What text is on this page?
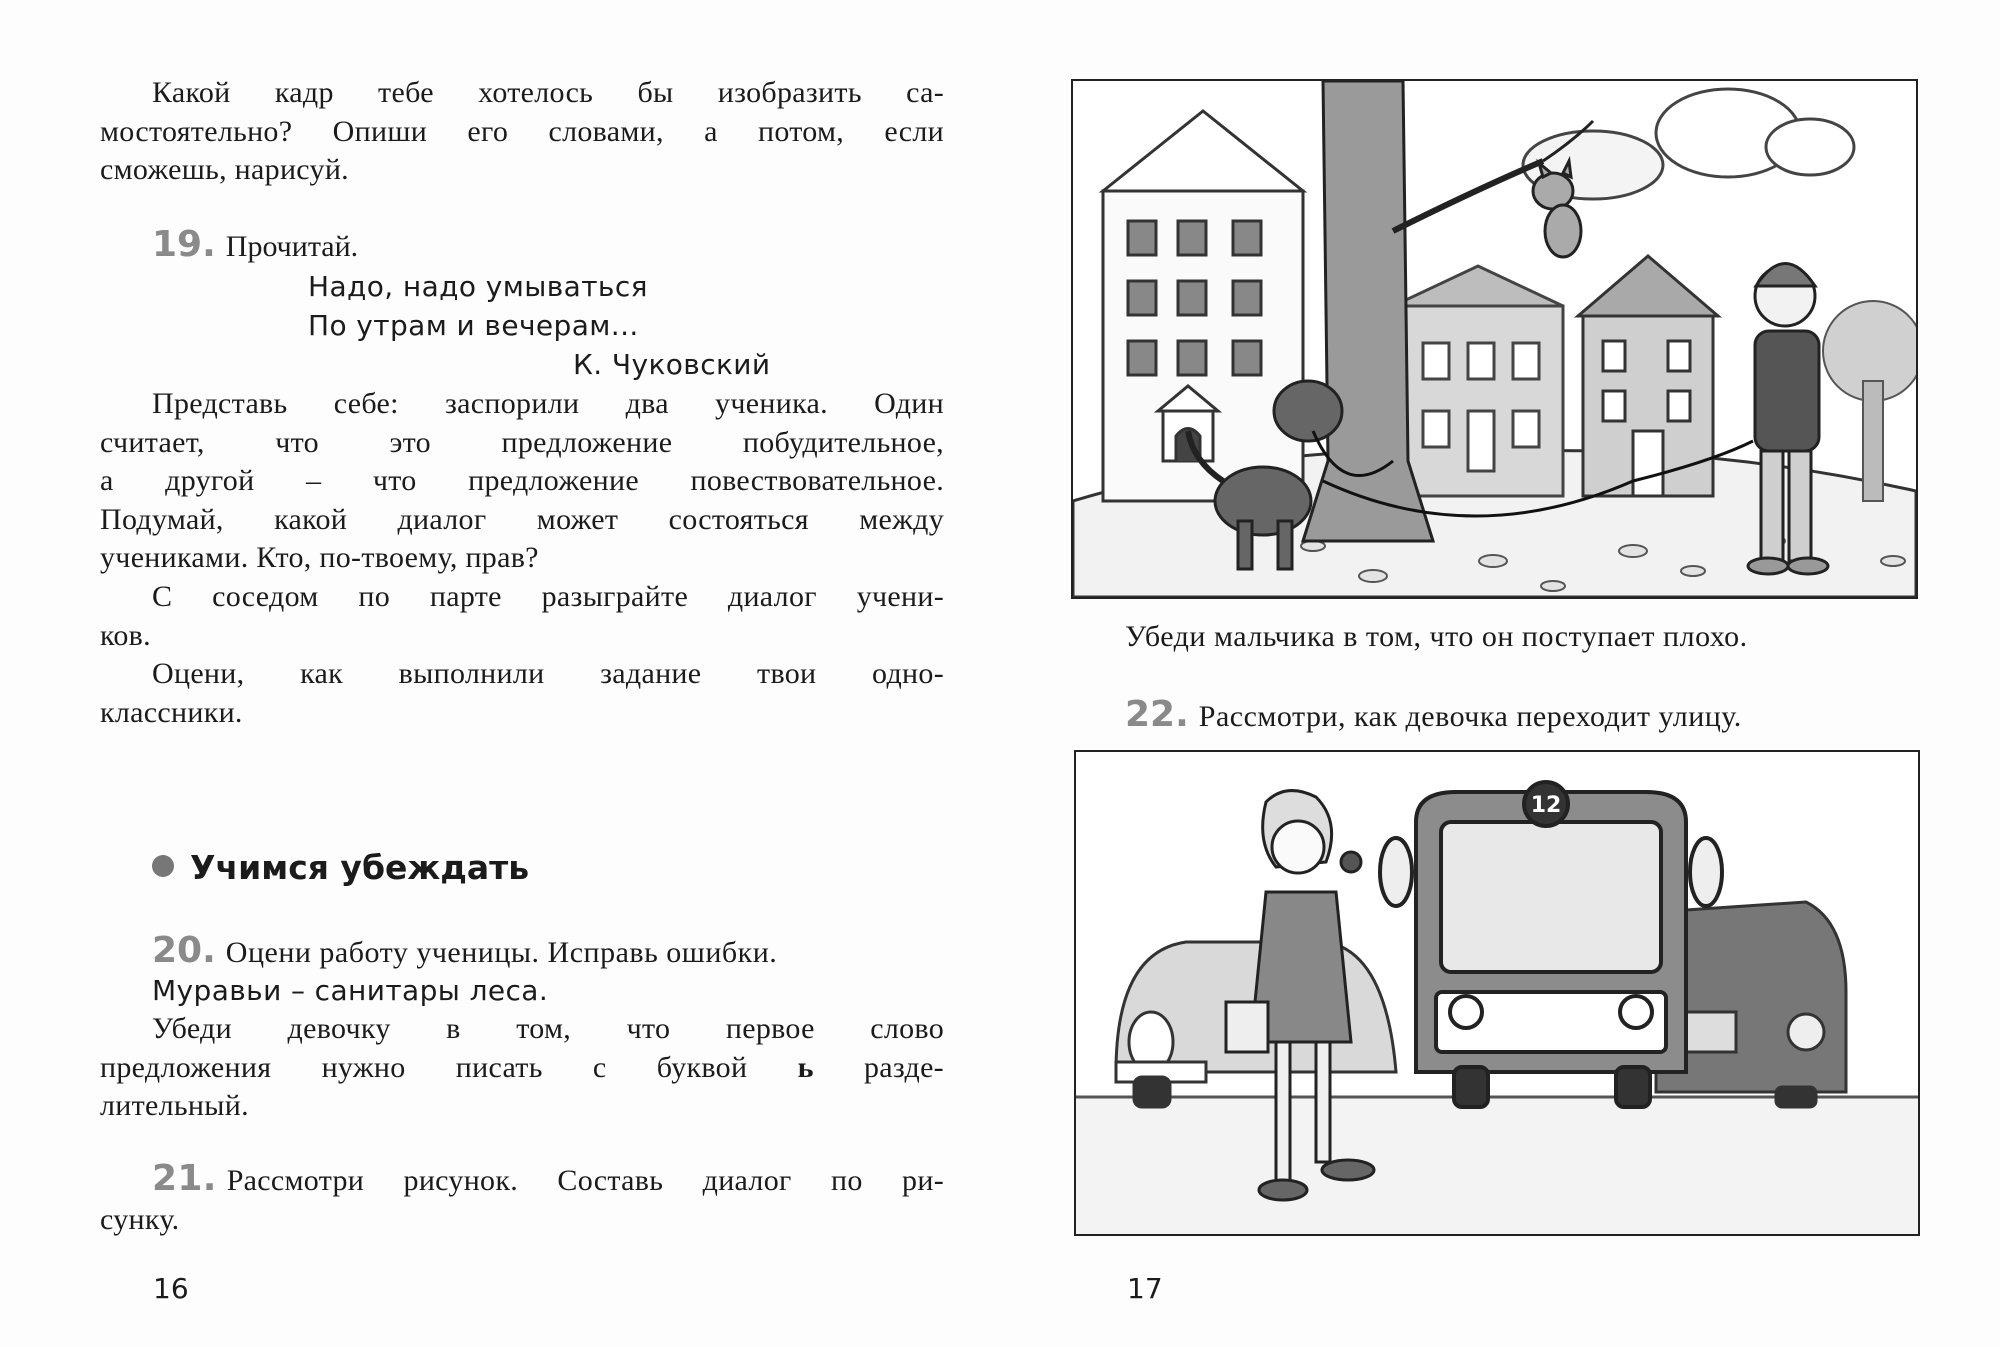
Какой кадр тебе хотелось бы изобразить са-
мостоятельно? Опиши его словами, а потом, если
сможешь, нарисуй.
19. Прочитай.
Надо, надо умываться
По утрам и вечерам...
К. Чуковский
Представь себе: заспорили два ученика. Один
считает, что это предложение побудительное,
а другой – что предложение повествовательное.
Подумай, какой диалог может состояться между
учениками. Кто, по-твоему, прав?
С соседом по парте разыграйте диалог учени-
ков.
Оцени, как выполнили задание твои одно-
классники.
Учимся убеждать
20. Оцени работу ученицы. Исправь ошибки.
Муравьи – санитары леса.
Убеди девочку в том, что первое слово
предложения нужно писать с буквой ь разде-
лительный.
21. Рассмотри рисунок. Составь диалог по ри-
сунку.
16
Убеди мальчика в том, что он поступает плохо.
22. Рассмотри, как девочка переходит улицу.
12
17
